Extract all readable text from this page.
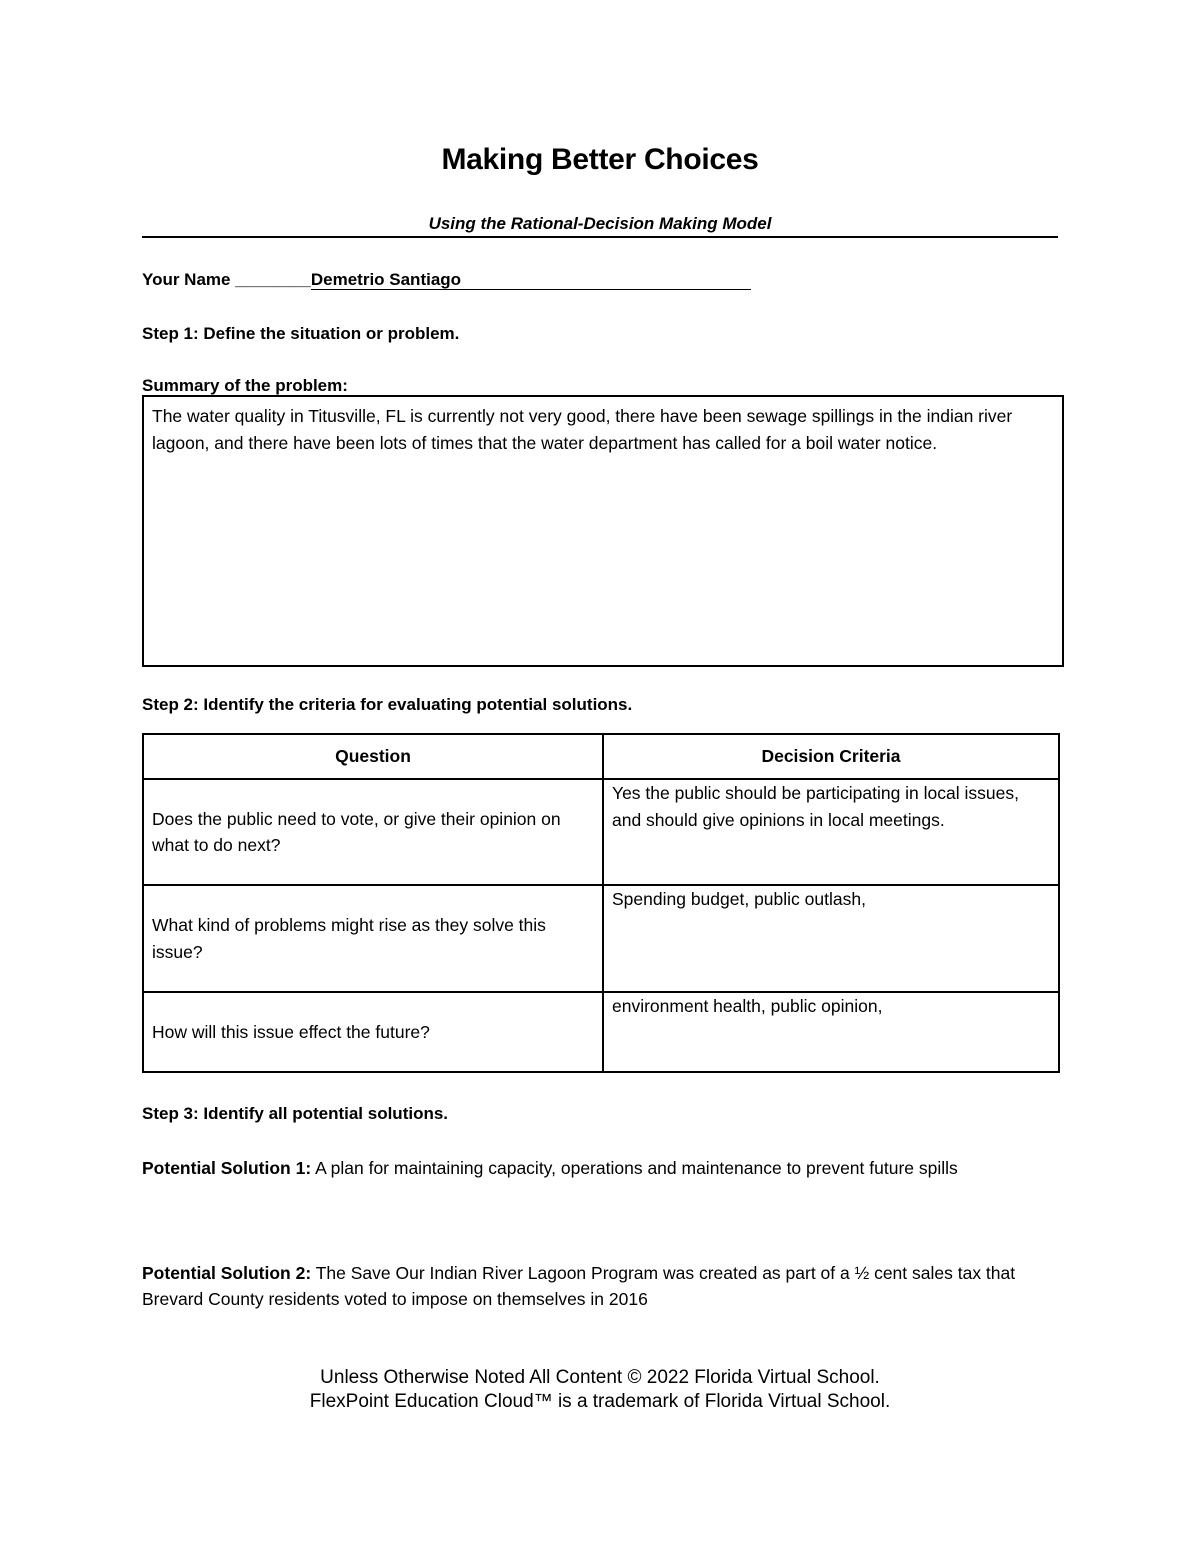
Making Better Choices
Using the Rational-Decision Making Model
Your Name ________Demetrio Santiago
Step 1: Define the situation or problem.
Summary of the problem:
The water quality in Titusville, FL is currently not very good, there have been sewage spillings in the indian river lagoon, and there have been lots of times that the water department has called for a boil water notice.
Step 2: Identify the criteria for evaluating potential solutions.
Question	Decision Criteria
Does the public need to vote, or give their opinion on what to do next?	Yes the public should be participating in local issues, and should give opinions in local meetings.
What kind of problems might rise as they solve this issue?	Spending budget, public outlash,
How will this issue effect the future?	environment health, public opinion,
Step 3: Identify all potential solutions.
Potential Solution 1: A plan for maintaining capacity, operations and maintenance to prevent future spills
Potential Solution 2: The Save Our Indian River Lagoon Program was created as part of a ½ cent sales tax that Brevard County residents voted to impose on themselves in 2016
Unless Otherwise Noted All Content © 2022 Florida Virtual School.
FlexPoint Education Cloud™ is a trademark of Florida Virtual School.
